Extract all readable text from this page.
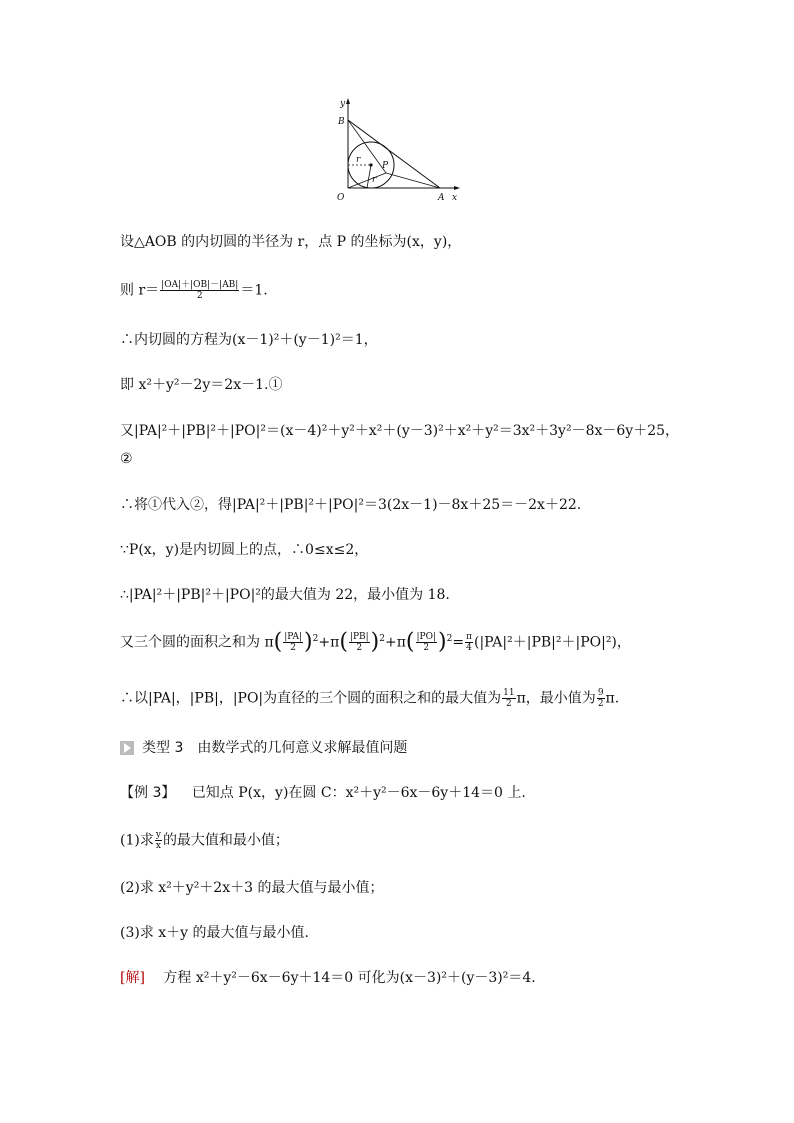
y
B
O	A x
P
r
r
设△AOB 的内切圆的半径为 r，点 P 的坐标为(x，y)，
则 $r= \frac{|OA|+|OB|-|AB|}{2} =1$.
∴内切圆的方程为(x－1)²＋(y－1)²＝1，
即 x²＋y²－2y＝2x－1.①
又|PA|²＋|PB|²＋|PO|²＝(x－4)²＋y²＋x²＋(y－3)²＋x²＋y²＝3x²＋3y²－8x－6y＋25，
②
∴将①代入②，得|PA|²＋|PB|²＋|PO|²＝3(2x－1)－8x＋25＝－2x＋22.
∵P(x，y)是内切圆上的点，∴0≤x≤2，
∴|PA|²＋|PB|²＋|PO|²的最大值为 22，最小值为 18.
又三个圆的面积之和为 $\pi( \frac{|PA|}{2} )^2+\pi( \frac{|PB|}{2} )^2+\pi( \frac{|PO|}{2} )^2= \frac{\pi}{4} (|PA|^2+|PB|^2+|PO|^2)$，
∴以|PA|，|PB|，|PO|为直径的三个圆的面积之和的最大值为 $\frac{11}{2}$ π，最小值为 $\frac{9}{2} \pi$.
类型 3　由数学式的几何意义求解最值问题
【例 3】 已知点 P(x，y)在圆 C：x²＋y²－6x－6y＋14＝0 上.
(1)求 $\frac{y}{x}$ 的最大值和最小值；
(2)求 x²＋y²＋2x＋3 的最大值与最小值；
(3)求 x＋y 的最大值与最小值.
[解] 方程 x²＋y²－6x－6y＋14＝0 可化为(x－3)²＋(y－3)²＝4.
